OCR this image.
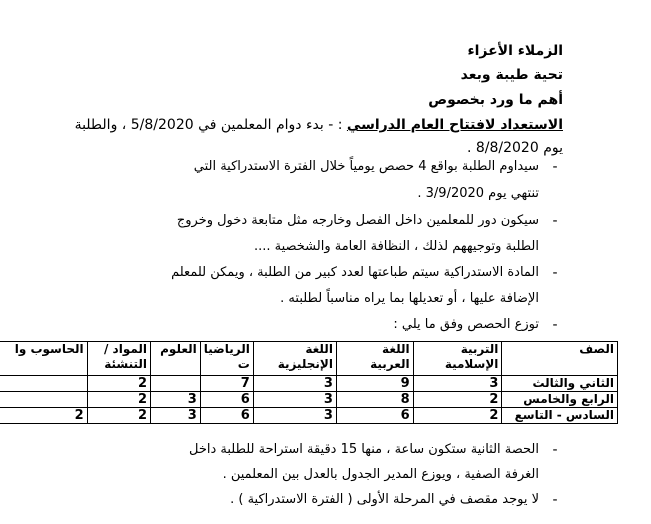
الزملاء الأعزاء
تحية طيبة وبعد
أهم ما ورد بخصوص
الاستعداد لافتتاح العام الدراسي : - بدء دوام المعلمين في 5/8/2020 ، والطلبة
يوم 8/8/2020 .
-
سيداوم الطلبة بواقع 4 حصص يومياً خلال الفترة الاستدراكية التي
تنتهي يوم 3/9/2020 .
-
سيكون دور للمعلمين داخل الفصل وخارجه مثل متابعة دخول وخروج
الطلبة وتوجيههم لذلك ، النظافة العامة والشخصية ....
-
المادة الاستدراكية سيتم طباعتها لعدد كبير من الطلبة ، ويمكن للمعلم
الإضافة عليها ، أو تعديلها بما يراه مناسباً لطلبته .
-
توزع الحصص وفق ما يلي :
الصف	التربية الإسلامية	اللغة العربية	اللغة الإنجليزية	الرياضيا ت	العلوم	المواد / التنشئة	الحاسوب وا
الثاني والثالث	3	9	3	7		2	
الرابع والخامس	2	8	3	6	3	2	
السادس - التاسع	2	6	3	6	3	2	2
-
الحصة الثانية ستكون ساعة ، منها 15 دقيقة استراحة للطلبة داخل
الغرفة الصفية ، ويوزع المدير الجدول بالعدل بين المعلمين .
-
لا يوجد مقصف في المرحلة الأولى ( الفترة الاستدراكية ) .
